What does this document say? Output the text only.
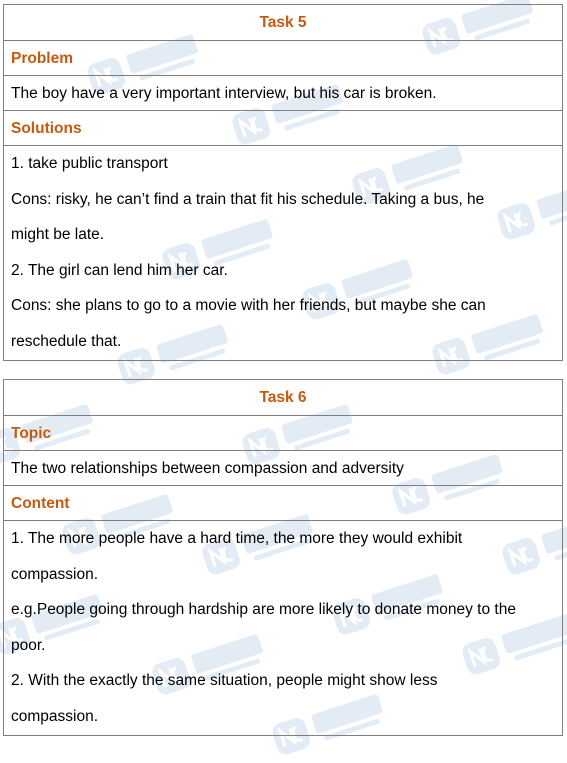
Task 5
Problem
The boy have a very important interview, but his car is broken.
Solutions
1. take public transport
Cons: risky, he can’t find a train that fit his schedule. Taking a bus, he
might be late.
2. The girl can lend him her car.
Cons: she plans to go to a movie with her friends, but maybe she can
reschedule that.
Task 6
Topic
The two relationships between compassion and adversity
Content
1. The more people have a hard time, the more they would exhibit
compassion.
e.g.People going through hardship are more likely to donate money to the
poor.
2. With the exactly the same situation, people might show less
compassion.
